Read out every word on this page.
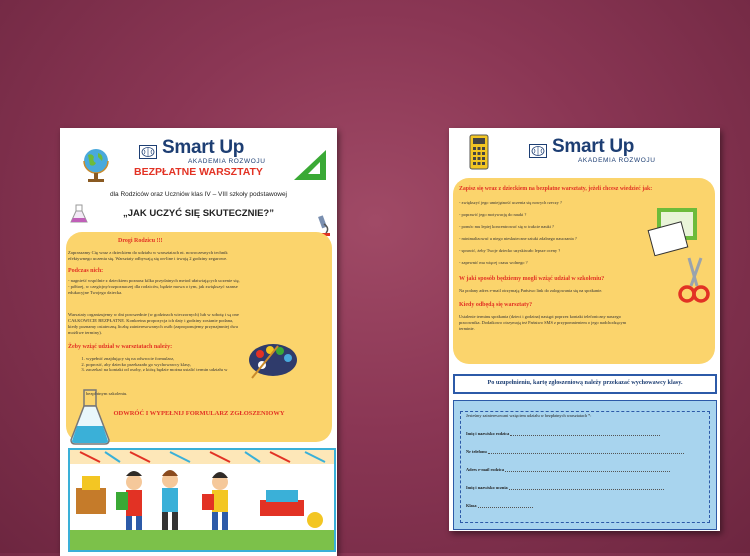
Smart Up
AKADEMIA ROZWOJU
BEZPŁATNE WARSZTATY
dla Rodziców oraz Uczniów klas IV – VIII szkoły podstawowej
„JAK UCZYĆ SIĘ SKUTECZNIE?”
Drogi Rodzicu !!!
Zapraszamy Cię wraz z dzieckiem do udziału w warsztatach nt. nowoczesnych technik
efektywnego uczenia się. Warsztaty odbywają się on-line i trwają 2 godziny zegarowe.
Podczas nich:
- nagnieść wspólnie z dzieckiem poznasz kilka przydatnych metod ułatwiających uczenie się,
- półtoej, w czegicjny/rozpoznaczej dla rodziców, będzie mowa o tym, jak zwiększyć szanse
edukacyjne Twojego dziecka.
Warsztaty organizujemy w dni powszednie (w godzinach wieczornych) lub w sobotę i są one
CAŁKOWICIE BEZPŁATNE. Konkretna propozycja ich daty i godziny zostanie podana,
kiedy poznamy ostateczną liczbę zainteresowanych osób (zaproponujemy przynajmniej dwa
możliwe terminy).
Żeby wziąć udział w warsztatach należy:
1. wypełnić znajdujący się na odwrocie formularz,
2. poprosić, aby dziecko przekazało go wychowawcy klasy,
3. zaczekać na kontakt od osoby, z którą będzie można ustalić termin udziału w
bezpłatnym szkoleniu.
ODWRÓĆ I WYPEŁNIJ FORMULARZ ZGŁOSZENIOWY
Smart Up
AKADEMIA ROZWOJU
Zapisz się wraz z dzieckiem na bezpłatne warsztaty, jeżeli chcesz wiedzieć jak:
- zwiększyć jego umiejętność uczenia się nowych rzeczy ?
- poprawić jego motywację do nauki ?
- pomóc mu lepiej koncentrować się w trakcie nauki ?
- minimalizować u niego nieskuteczne sztuki zdalnego nauczania ?
- sprawić, żeby Twoje dziecko uzyskiwało lepsze oceny ?
- zapewnić mu więcej czasu wolnego ?
W jaki sposób będziemy mogli wziąć udział w szkoleniu?
Na podany adres e-mail otrzymają Państwo link do zalogowania się na spotkanie.
Kiedy odbędą się warsztaty?
Ustalenie terminu spotkania (dzieci i godzina) nastąpi poprzez kontakt telefoniczny naszego
pracownika. Dodatkowo otrzymają też Państwo SMS z przypomnieniem o jego nadchodzącym
terminie.
Po uzupełnieniu, kartę zgłoszeniową należy przekazać wychowawcy klasy.
Jesteśmy zainteresowani wzięciem udziału w bezpłatnych warsztatach *:
Imię i nazwisko rodzica
Nr telefonu
Adres e-mail rodzica
Imię i nazwisko ucznia
Klasa
